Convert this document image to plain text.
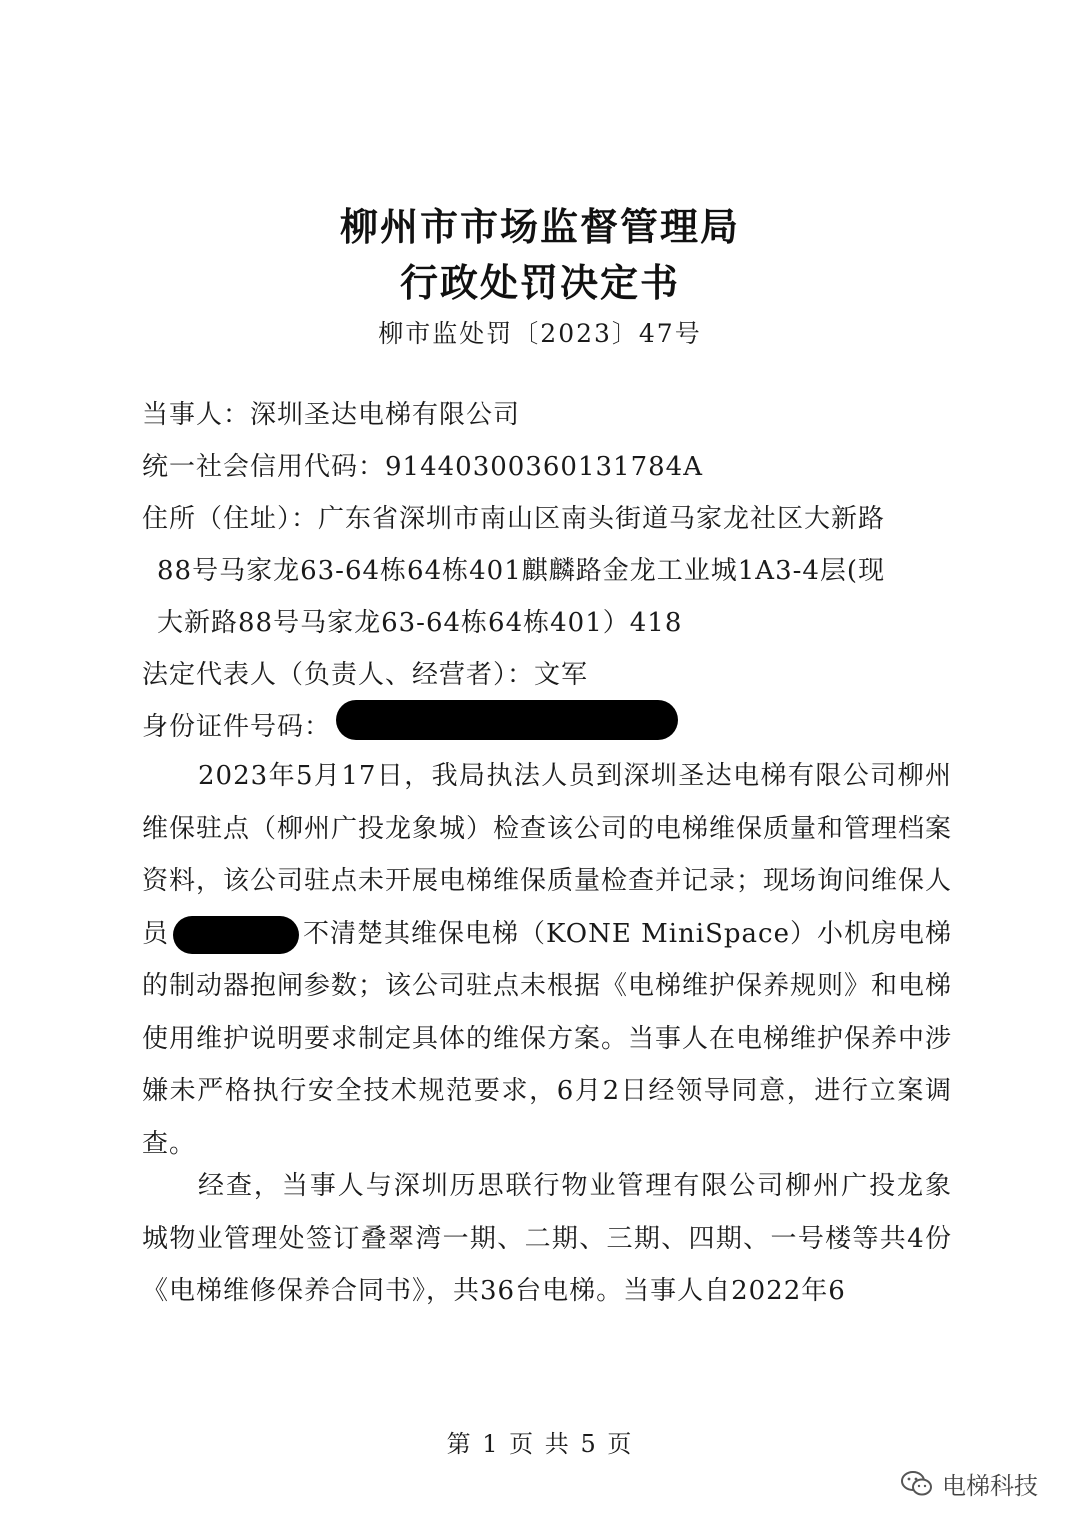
柳州市市场监督管理局
行政处罚决定书
柳市监处罚〔2023〕47号
当事人：深圳圣达电梯有限公司
统一社会信用代码：91440300360131784A
住所（住址）：广东省深圳市南山区南头街道马家龙社区大新路
88号马家龙63-64栋64栋401麒麟路金龙工业城1A3-4层(现
大新路88号马家龙63-64栋64栋401）418
法定代表人（负责人、经营者）：文军
身份证件号码：
2023年5月17日，我局执法人员到深圳圣达电梯有限公司柳州维保驻点（柳州广投龙象城）检查该公司的电梯维保质量和管理档案资料，该公司驻点未开展电梯维保质量检查并记录；现场询问维保人员	不清楚其维保电梯（KONE MiniSpace）小机房电梯的制动器抱闸参数；该公司驻点未根据《电梯维护保养规则》和电梯使用维护说明要求制定具体的维保方案。当事人在电梯维护保养中涉嫌未严格执行安全技术规范要求，6月2日经领导同意，进行立案调查。
经查，当事人与深圳历思联行物业管理有限公司柳州广投龙象城物业管理处签订叠翠湾一期、二期、三期、四期、一号楼等共4份《电梯维修保养合同书》，共36台电梯。当事人自2022年6
第 1 页 共 5 页
电梯科技
